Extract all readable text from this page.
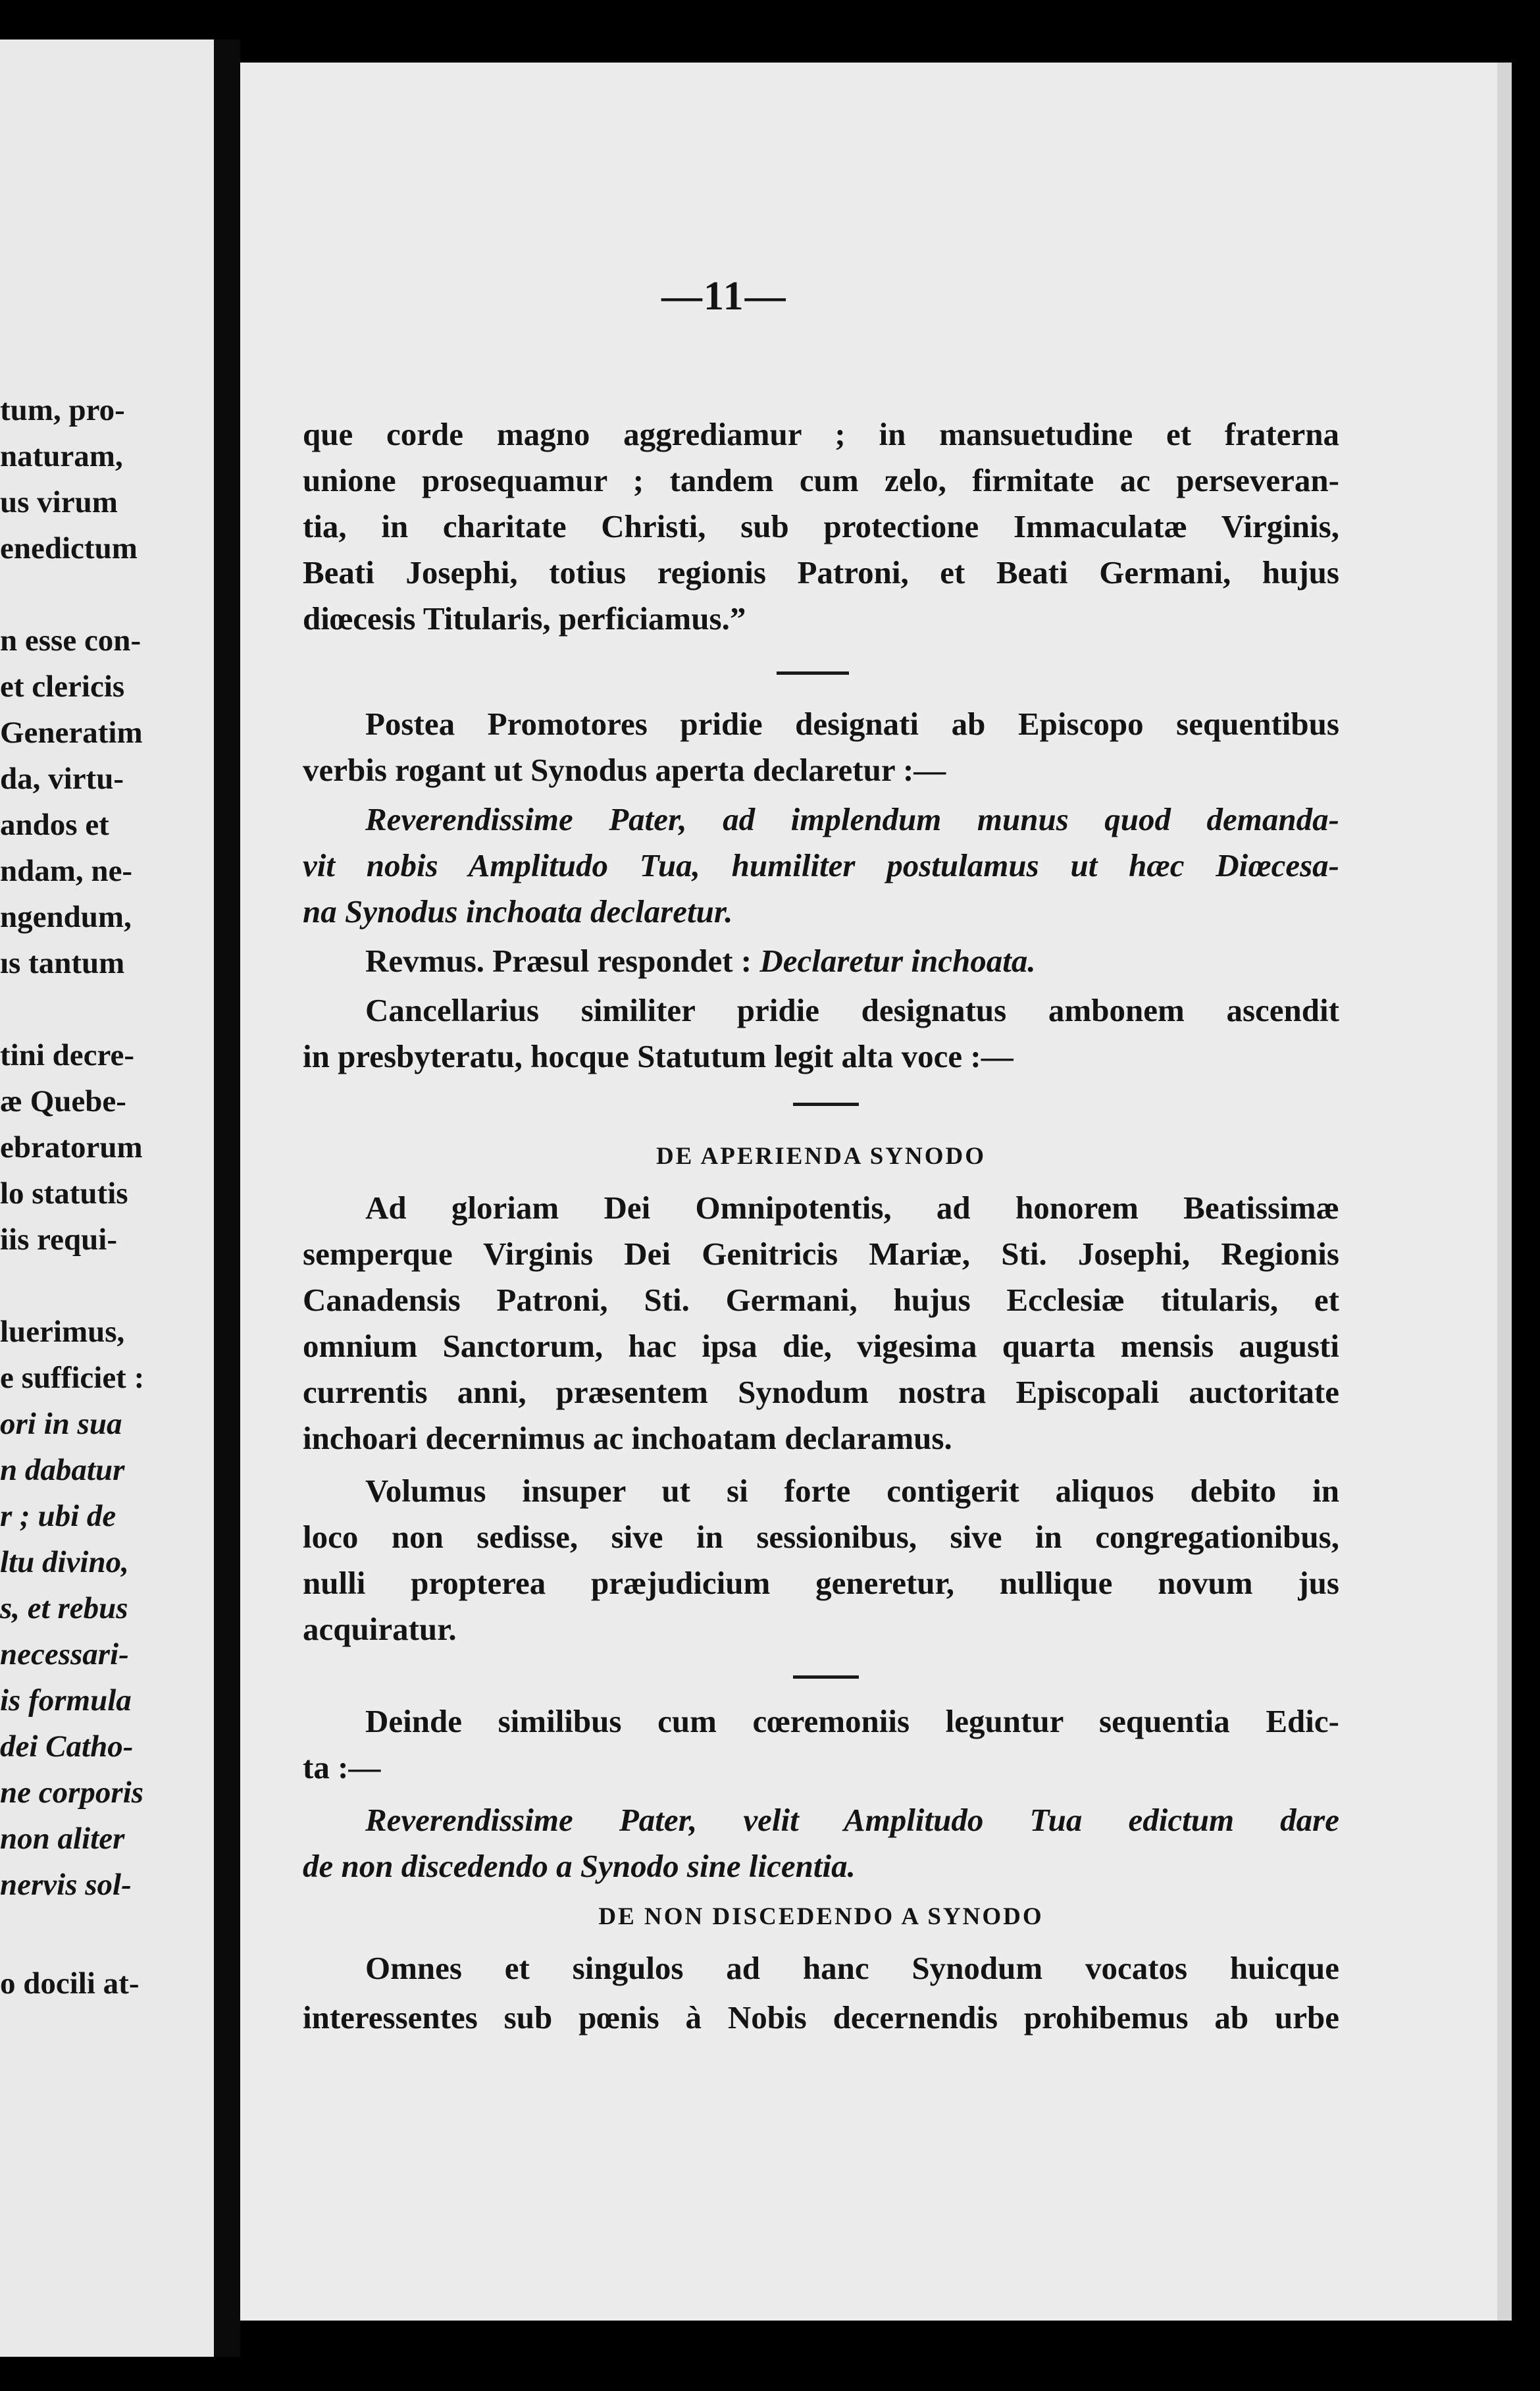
tum, pro-
naturam,
us virum
enedictum
n esse con-
et clericis
Generatim
da, virtu-
andos et
ndam, ne-
ngendum,
ıs tantum
tini decre-
æ Quebe-
ebratorum
lo statutis
iis requi-
luerimus,
e sufficiet :
ori in sua
n dabatur
r ; ubi de
ltu divino,
s, et rebus
necessari-
is formula
dei Catho-
ne corporis
non aliter
nervis sol-
o docili at-
—11—
que corde magno aggrediamur ; in mansuetudine et fraterna
unione prosequamur ; tandem cum zelo, firmitate ac perseveran-
tia, in charitate Christi, sub protectione Immaculatæ Virginis,
Beati Josephi, totius regionis Patroni, et Beati Germani, hujus
diœcesis Titularis, perficiamus.”
Postea Promotores pridie designati ab Episcopo sequentibus
verbis rogant ut Synodus aperta declaretur :—
Reverendissime Pater, ad implendum munus quod demanda-
vit nobis Amplitudo Tua, humiliter postulamus ut hæc Diœcesa-
na Synodus inchoata declaretur.
Revmus. Præsul respondet : Declaretur inchoata.
Cancellarius similiter pridie designatus ambonem ascendit
in presbyteratu, hocque Statutum legit alta voce :—
DE APERIENDA SYNODO
Ad gloriam Dei Omnipotentis, ad honorem Beatissimæ
semperque Virginis Dei Genitricis Mariæ, Sti. Josephi, Regionis
Canadensis Patroni, Sti. Germani, hujus Ecclesiæ titularis, et
omnium Sanctorum, hac ipsa die, vigesima quarta mensis augusti
currentis anni, præsentem Synodum nostra Episcopali auctoritate
inchoari decernimus ac inchoatam declaramus.
Volumus insuper ut si forte contigerit aliquos debito in
loco non sedisse, sive in sessionibus, sive in congregationibus,
nulli propterea præjudicium generetur, nullique novum jus
acquiratur.
Deinde similibus cum cœremoniis leguntur sequentia Edic-
ta :—
Reverendissime Pater, velit Amplitudo Tua edictum dare
de non discedendo a Synodo sine licentia.
DE NON DISCEDENDO A SYNODO
Omnes et singulos ad hanc Synodum vocatos huicque
interessentes sub pœnis à Nobis decernendis prohibemus ab urbe
